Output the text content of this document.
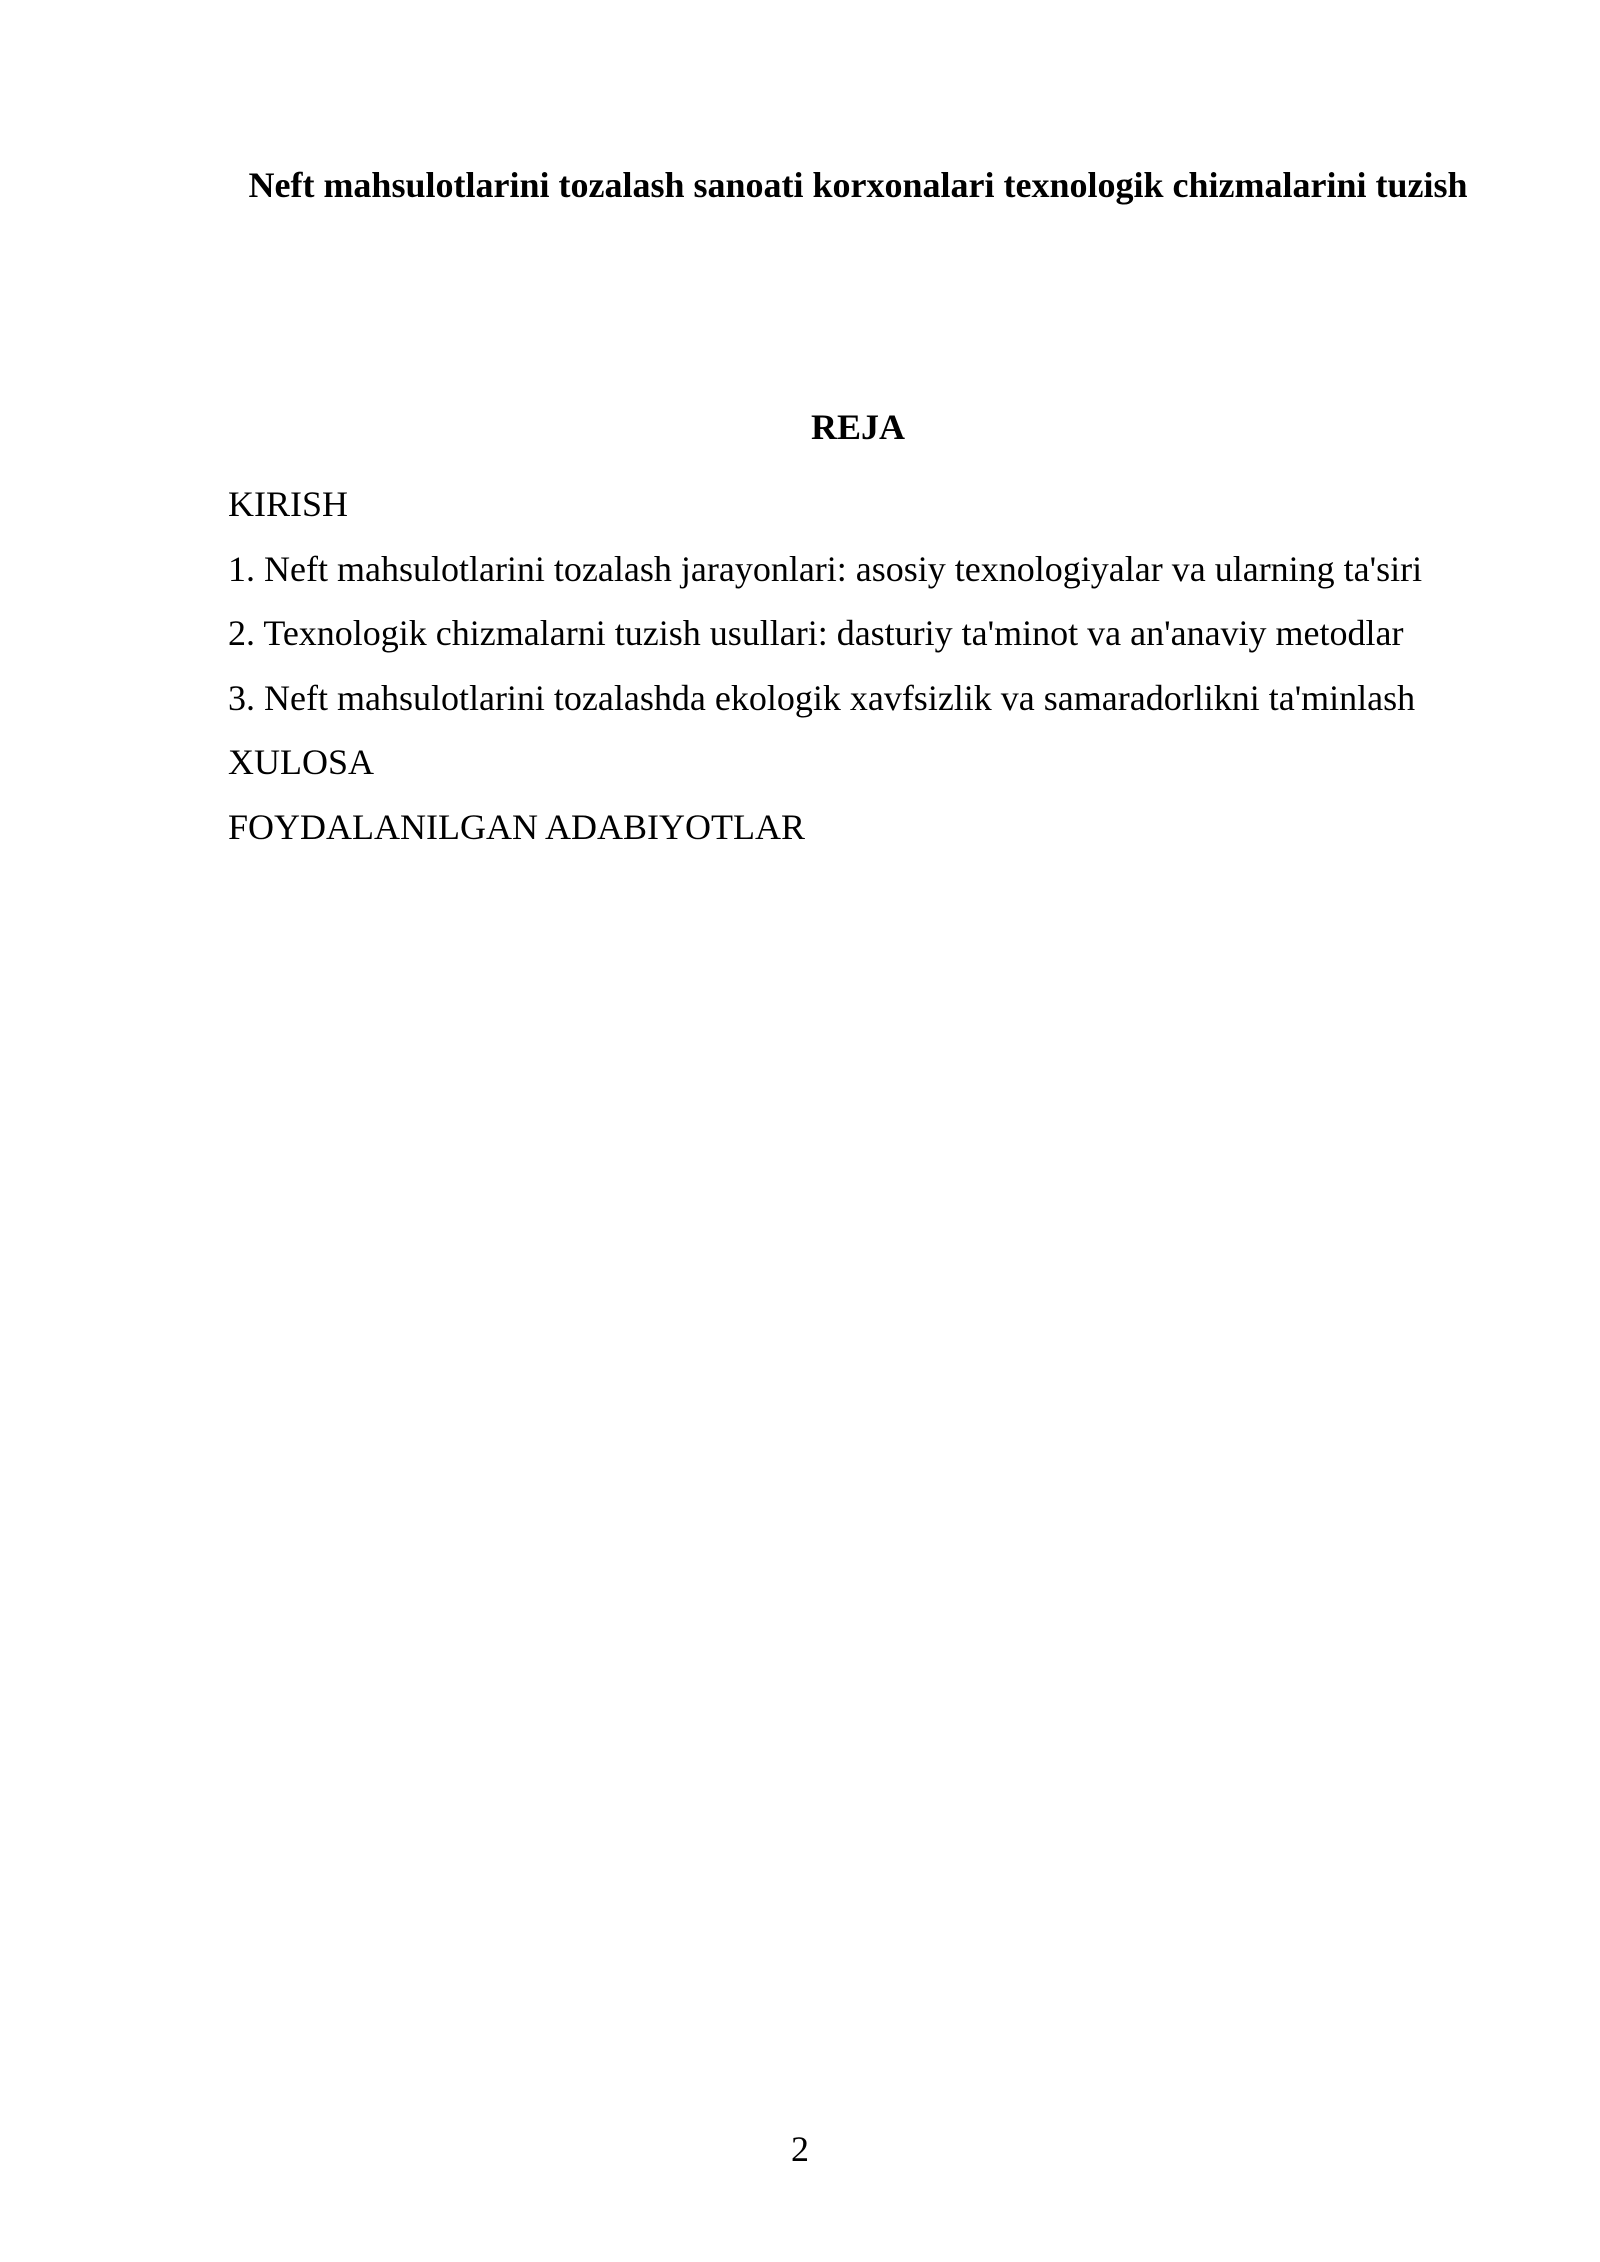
Neft mahsulotlarini tozalash sanoati korxonalari texnologik chizmalarini tuzish
REJA
KIRISH
1. Neft mahsulotlarini tozalash jarayonlari: asosiy texnologiyalar va ularning ta'siri
2. Texnologik chizmalarni tuzish usullari: dasturiy ta'minot va an'anaviy metodlar
3. Neft mahsulotlarini tozalashda ekologik xavfsizlik va samaradorlikni ta'minlash
XULOSA
FOYDALANILGAN ADABIYOTLAR
2
